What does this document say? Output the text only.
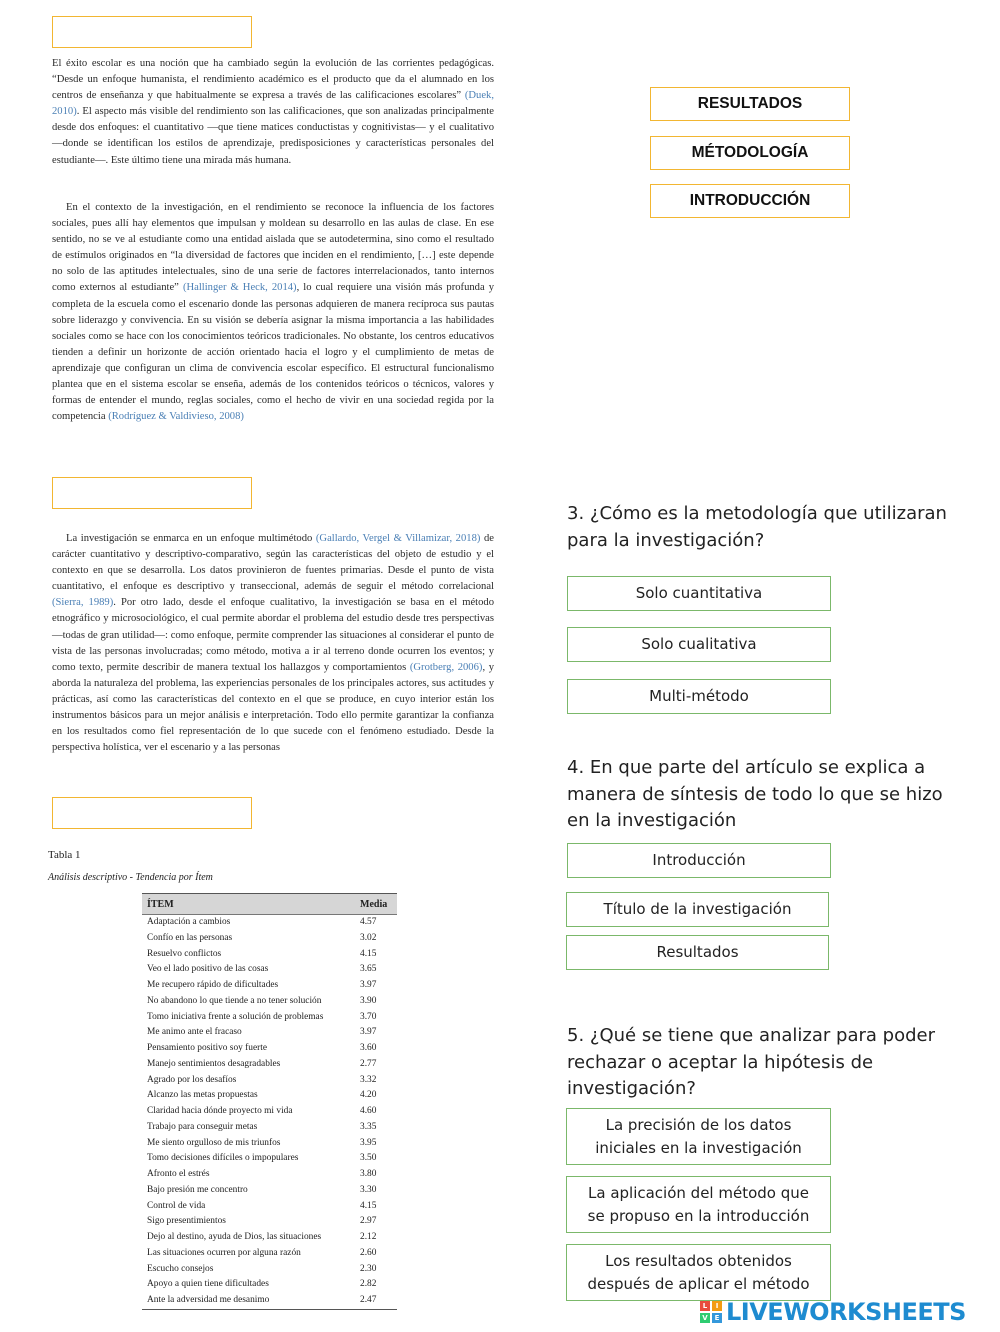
El éxito escolar es una noción que ha cambiado según la evolución de las corrientes pedagógicas. “Desde un enfoque humanista, el rendimiento académico es el producto que da el alumnado en los centros de enseñanza y que habitualmente se expresa a través de las calificaciones escolares” (Duek, 2010). El aspecto más visible del rendimiento son las calificaciones, que son analizadas principalmente desde dos enfoques: el cuantitativo —que tiene matices conductistas y cognitivistas— y el cualitativo —donde se identifican los estilos de aprendizaje, predisposiciones y características personales del estudiante—. Este último tiene una mirada más humana.

En el contexto de la investigación, en el rendimiento se reconoce la influencia de los factores sociales, pues allí hay elementos que impulsan y moldean su desarrollo en las aulas de clase. En ese sentido, no se ve al estudiante como una entidad aislada que se autodetermina, sino como el resultado de estímulos originados en “la diversidad de factores que inciden en el rendimiento, […] este depende no solo de las aptitudes intelectuales, sino de una serie de factores interrelacionados, tanto internos como externos al estudiante” (Hallinger & Heck, 2014), lo cual requiere una visión más profunda y completa de la escuela como el escenario donde las personas adquieren de manera recíproca sus pautas sobre liderazgo y convivencia. En su visión se debería asignar la misma importancia a las habilidades sociales como se hace con los conocimientos teóricos tradicionales. No obstante, los centros educativos tienden a definir un horizonte de acción orientado hacia el logro y el cumplimiento de metas de aprendizaje que configuran un clima de convivencia escolar específico. El estructural funcionalismo plantea que en el sistema escolar se enseña, además de los contenidos teóricos o técnicos, valores y formas de entender el mundo, reglas sociales, como el hecho de vivir en una sociedad regida por la competencia (Rodríguez & Valdivieso, 2008)

La investigación se enmarca en un enfoque multimétodo (Gallardo, Vergel & Villamizar, 2018) de carácter cuantitativo y descriptivo-comparativo, según las características del objeto de estudio y el contexto en que se desarrolla. Los datos provinieron de fuentes primarias. Desde el punto de vista cuantitativo, el enfoque es descriptivo y transeccional, además de seguir el método correlacional (Sierra, 1989). Por otro lado, desde el enfoque cualitativo, la investigación se basa en el método etnográfico y microsociológico, el cual permite abordar el problema del estudio desde tres perspectivas —todas de gran utilidad—: como enfoque, permite comprender las situaciones al considerar el punto de vista de las personas involucradas; como método, motiva a ir al terreno donde ocurren los eventos; y como texto, permite describir de manera textual los hallazgos y comportamientos (Grotberg, 2006), y aborda la naturaleza del problema, las experiencias personales de los principales actores, sus actitudes y prácticas, así como las características del contexto en el que se produce, en cuyo interior están los instrumentos básicos para un mejor análisis e interpretación. Todo ello permite garantizar la confianza en los resultados como fiel representación de lo que sucede con el fenómeno estudiado. Desde la perspectiva holística, ver el escenario y a las personas

Tabla 1
Análisis descriptivo - Tendencia por Ítem
ÍTEM	Media
Adaptación a cambios	4.57
Confío en las personas	3.02
Resuelvo conflictos	4.15
Veo el lado positivo de las cosas	3.65
Me recupero rápido de dificultades	3.97
No abandono lo que tiende a no tener solución	3.90
Tomo iniciativa frente a solución de problemas	3.70
Me animo ante el fracaso	3.97
Pensamiento positivo soy fuerte	3.60
Manejo sentimientos desagradables	2.77
Agrado por los desafíos	3.32
Alcanzo las metas propuestas	4.20
Claridad hacia dónde proyecto mi vida	4.60
Trabajo para conseguir metas	3.35
Me siento orgulloso de mis triunfos	3.95
Tomo decisiones difíciles o impopulares	3.50
Afronto el estrés	3.80
Bajo presión me concentro	3.30
Control de vida	4.15
Sigo presentimientos	2.97
Dejo al destino, ayuda de Dios, las situaciones	2.12
Las situaciones ocurren por alguna razón	2.60
Escucho consejos	2.30
Apoyo a quien tiene dificultades	2.82
Ante la adversidad me desanimo	2.47
RESULTADOS
MÉTODOLOGÍA
INTRODUCCIÓN

3. ¿Cómo es la metodología que utilizaran para la investigación?

Solo cuantitativa
Solo cualitativa
Multi-método

4. En que parte del artículo se explica a manera de síntesis de todo lo que se hizo en la investigación

Introducción
Título de la investigación
Resultados

5. ¿Qué se tiene que analizar para poder rechazar o aceptar la hipótesis de investigación?

La precisión de los datos iniciales en la investigación
La aplicación del método que se propuso en la introducción
Los resultados obtenidos después de aplicar el método
L	I
V E LIVEWORKSHEETS
